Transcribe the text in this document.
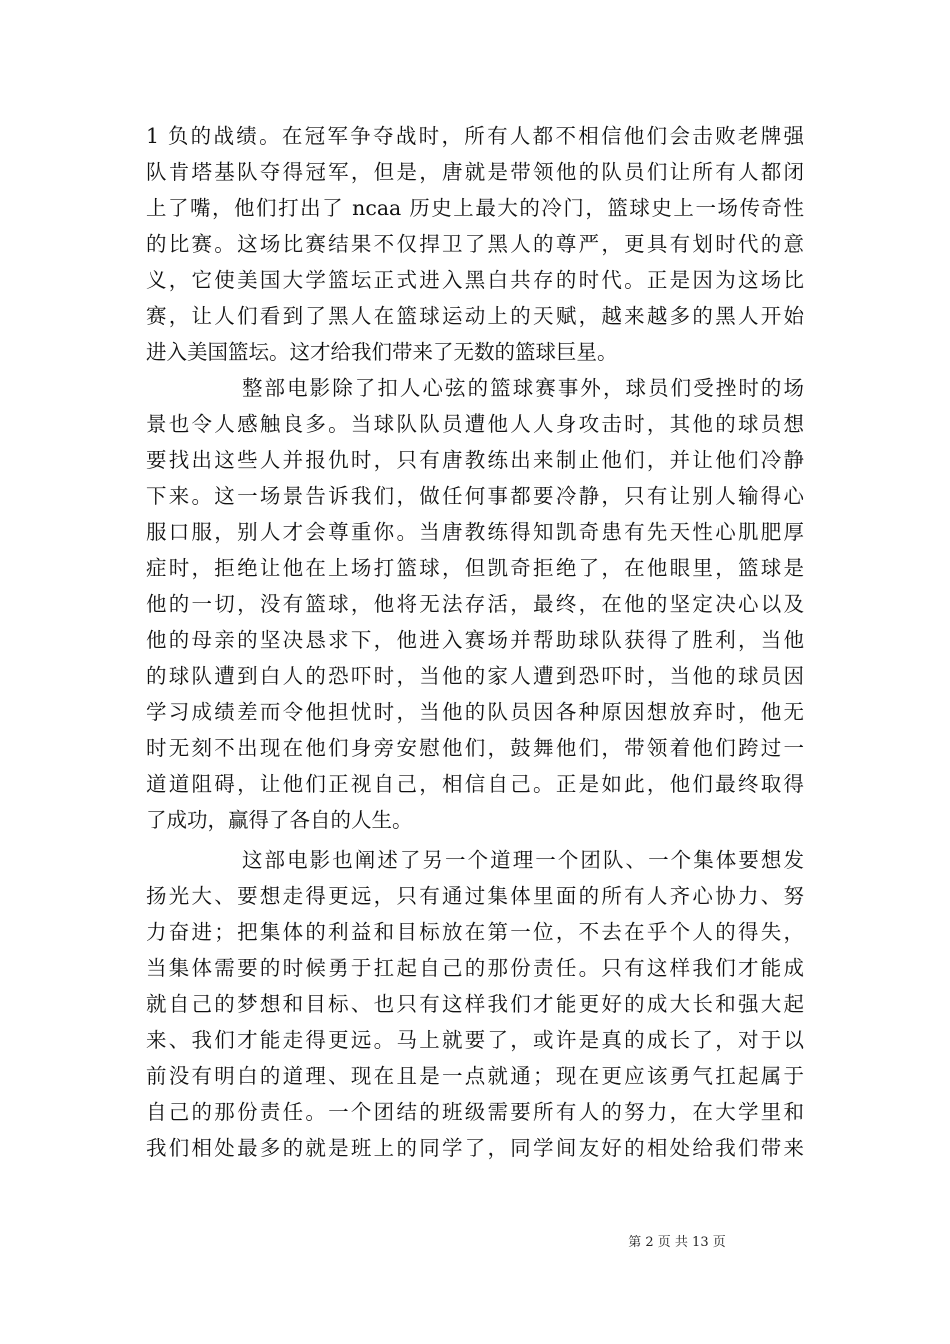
1 负的战绩。在冠军争夺战时，所有人都不相信他们会击败老牌强
队肯塔基队夺得冠军，但是，唐就是带领他的队员们让所有人都闭
上了嘴，他们打出了 ncaa 历史上最大的冷门，篮球史上一场传奇性
的比赛。这场比赛结果不仅捍卫了黑人的尊严，更具有划时代的意
义，它使美国大学篮坛正式进入黑白共存的时代。正是因为这场比
赛，让人们看到了黑人在篮球运动上的天赋，越来越多的黑人开始
进入美国篮坛。这才给我们带来了无数的篮球巨星。
整部电影除了扣人心弦的篮球赛事外，球员们受挫时的场
景也令人感触良多。当球队队员遭他人人身攻击时，其他的球员想
要找出这些人并报仇时，只有唐教练出来制止他们，并让他们冷静
下来。这一场景告诉我们，做任何事都要冷静，只有让别人输得心
服口服，别人才会尊重你。当唐教练得知凯奇患有先天性心肌肥厚
症时，拒绝让他在上场打篮球，但凯奇拒绝了，在他眼里，篮球是
他的一切，没有篮球，他将无法存活，最终，在他的坚定决心以及
他的母亲的坚决恳求下，他进入赛场并帮助球队获得了胜利，当他
的球队遭到白人的恐吓时，当他的家人遭到恐吓时，当他的球员因
学习成绩差而令他担忧时，当他的队员因各种原因想放弃时，他无
时无刻不出现在他们身旁安慰他们，鼓舞他们，带领着他们跨过一
道道阻碍，让他们正视自己，相信自己。正是如此，他们最终取得
了成功，赢得了各自的人生。
这部电影也阐述了另一个道理一个团队、一个集体要想发
扬光大、要想走得更远，只有通过集体里面的所有人齐心协力、努
力奋进；把集体的利益和目标放在第一位，不去在乎个人的得失，
当集体需要的时候勇于扛起自己的那份责任。只有这样我们才能成
就自己的梦想和目标、也只有这样我们才能更好的成大长和强大起
来、我们才能走得更远。马上就要了，或许是真的成长了，对于以
前没有明白的道理、现在且是一点就通；现在更应该勇气扛起属于
自己的那份责任。一个团结的班级需要所有人的努力，在大学里和
我们相处最多的就是班上的同学了，同学间友好的相处给我们带来
第 2 页 共 13 页
